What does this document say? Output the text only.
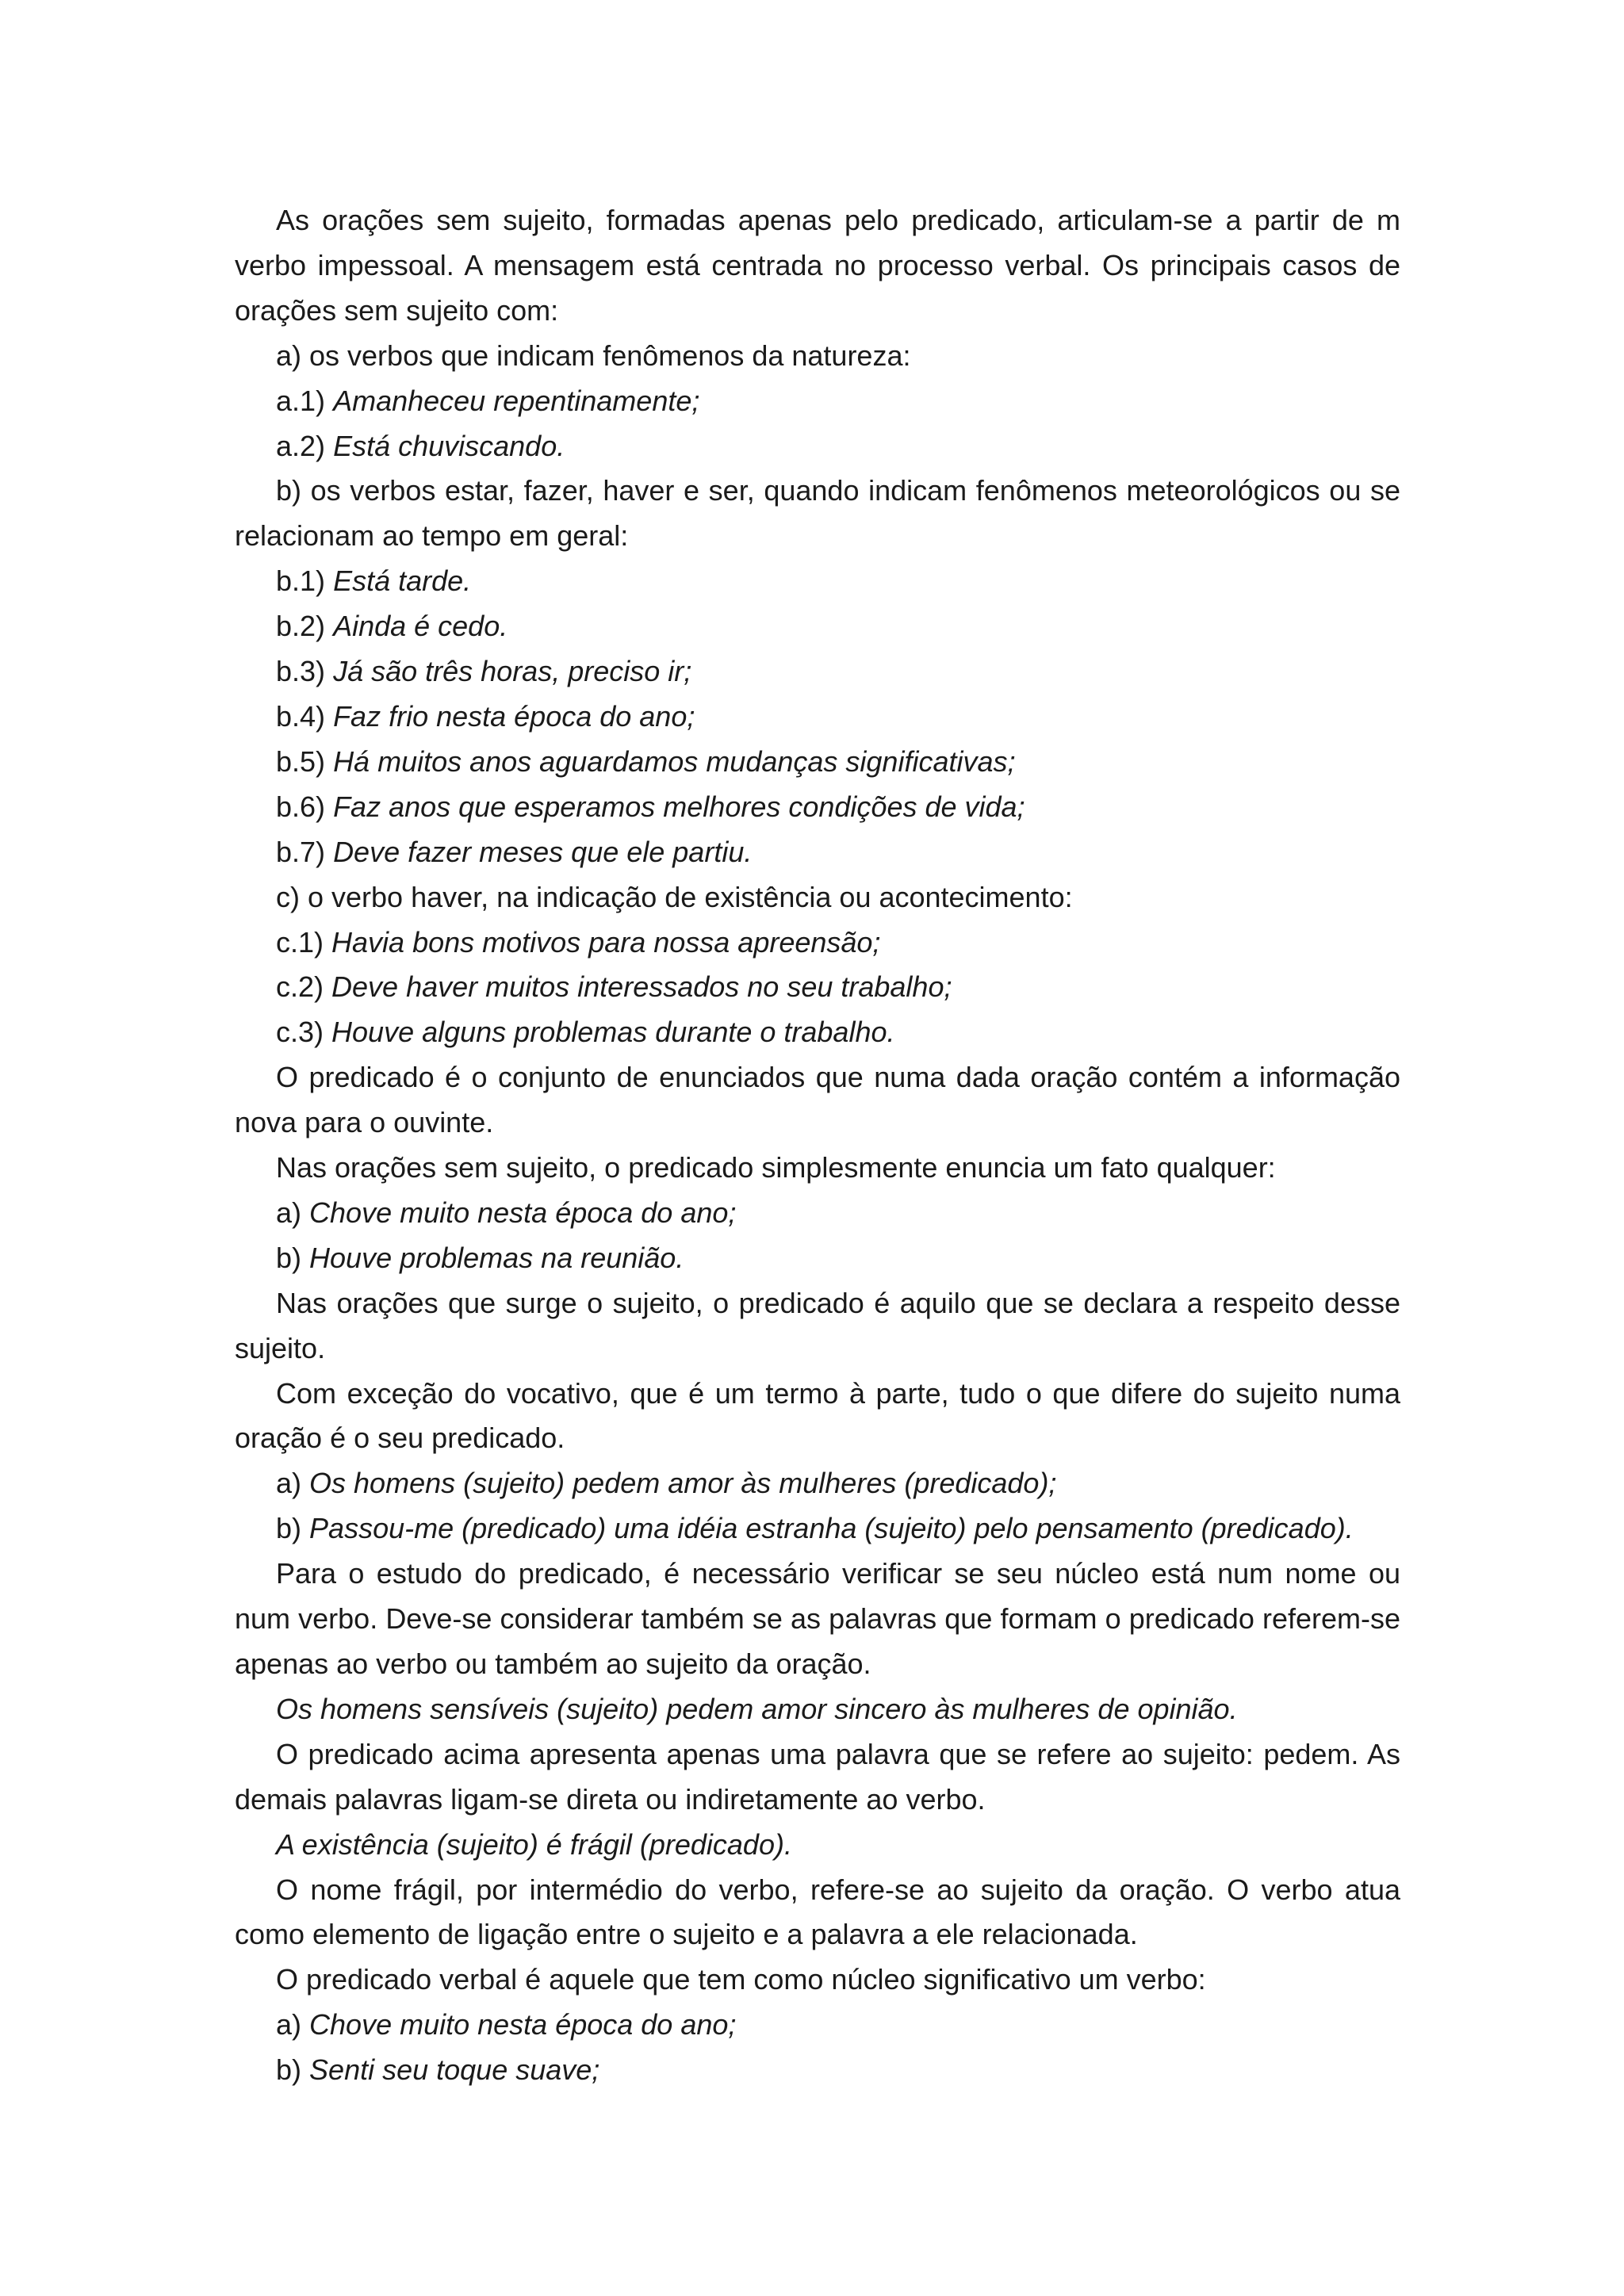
As orações sem sujeito, formadas apenas pelo predicado, articulam-se a partir de m verbo impessoal. A mensagem está centrada no processo verbal. Os principais casos de orações sem sujeito com:

a) os verbos que indicam fenômenos da natureza:

a.1) Amanheceu repentinamente;

a.2) Está chuviscando.

b) os verbos estar, fazer, haver e ser, quando indicam fenômenos meteorológicos ou se relacionam ao tempo em geral:

b.1) Está tarde.

b.2) Ainda é cedo.

b.3) Já são três horas, preciso ir;

b.4) Faz frio nesta época do ano;

b.5) Há muitos anos aguardamos mudanças significativas;

b.6) Faz anos que esperamos melhores condições de vida;

b.7) Deve fazer meses que ele partiu.

c) o verbo haver, na indicação de existência ou acontecimento:

c.1) Havia bons motivos para nossa apreensão;

c.2) Deve haver muitos interessados no seu trabalho;

c.3) Houve alguns problemas durante o trabalho.

O predicado é o conjunto de enunciados que numa dada oração contém a informação nova para o ouvinte.

Nas orações sem sujeito, o predicado simplesmente enuncia um fato qualquer:

a) Chove muito nesta época do ano;

b) Houve problemas na reunião.

Nas orações que surge o sujeito, o predicado é aquilo que se declara a respeito desse sujeito.

Com exceção do vocativo, que é um termo à parte, tudo o que difere do sujeito numa oração é o seu predicado.

a) Os homens (sujeito) pedem amor às mulheres (predicado);

b) Passou-me (predicado) uma idéia estranha (sujeito) pelo pensamento (predicado).

Para o estudo do predicado, é necessário verificar se seu núcleo está num nome ou num verbo. Deve-se considerar também se as palavras que formam o predicado referem-se apenas ao verbo ou também ao sujeito da oração.

Os homens sensíveis (sujeito) pedem amor sincero às mulheres de opinião.

O predicado acima apresenta apenas uma palavra que se refere ao sujeito: pedem. As demais palavras ligam-se direta ou indiretamente ao verbo.

A existência (sujeito) é frágil (predicado).

O nome frágil, por intermédio do verbo, refere-se ao sujeito da oração. O verbo atua como elemento de ligação entre o sujeito e a palavra a ele relacionada.

O predicado verbal é aquele que tem como núcleo significativo um verbo:

a) Chove muito nesta época do ano;

b) Senti seu toque suave;
